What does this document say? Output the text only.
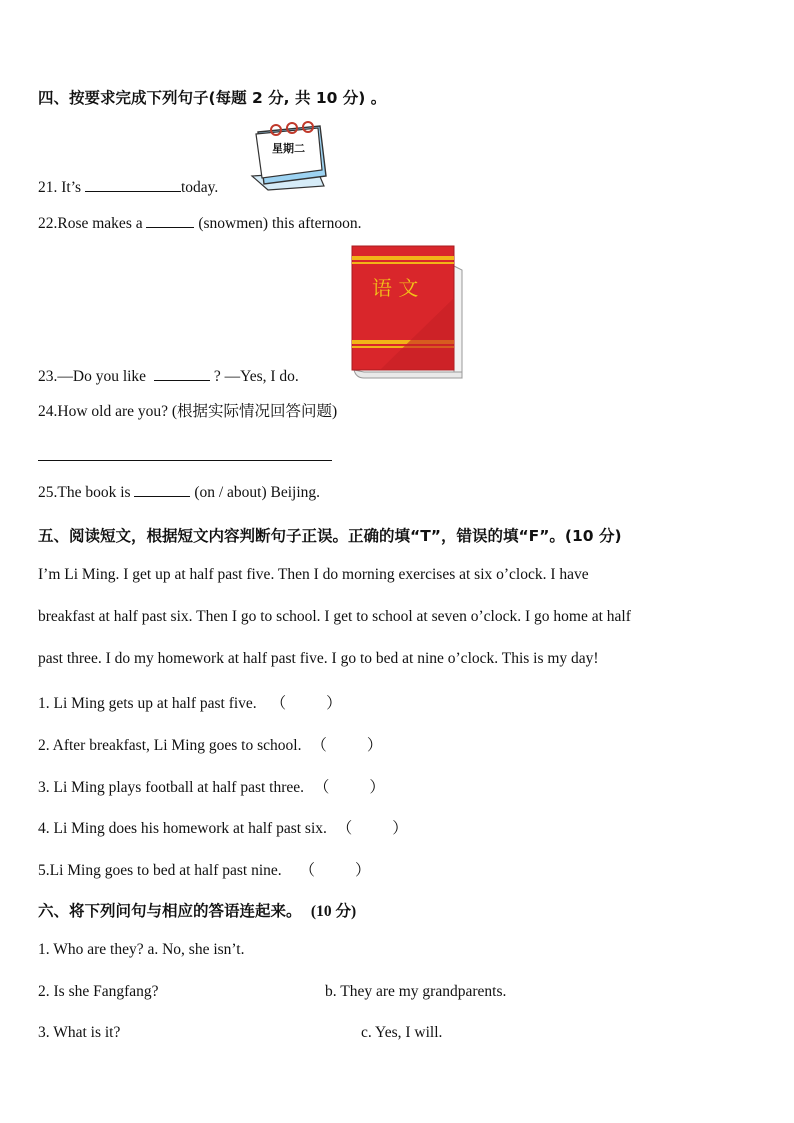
四、按要求完成下列句子(每题 2 分, 共 10 分) 。
星期二
21. It’s	today.
22.Rose makes a	(snowmen) this afternoon.
语 文
23.—Do you like	? —Yes, I do.
24.How old are you? (根据实际情况回答问题)
25.The book is	(on / about) Beijing.
五、阅读短文，根据短文内容判断句子正误。正确的填“T”，错误的填“F”。(10 分)
I’m Li Ming. I get up at half past five. Then I do morning exercises at six o’clock. I have
breakfast at half past six. Then I go to school. I get to school at seven o’clock. I go home at half
past three. I do my homework at half past five. I go to bed at nine o’clock. This is my day!
1. Li Ming gets up at half past five. （	）
2. After breakfast, Li Ming goes to school. （	）
3. Li Ming plays football at half past three. （	）
4. Li Ming does his homework at half past six. （	）
5.Li Ming goes to bed at half past nine. （	）
六、将下列问句与相应的答语连起来。 (10 分)
1. Who are they? a. No, she isn’t.
2. Is she Fangfang?	b. They are my grandparents.
3. What is it?	c. Yes, I will.
